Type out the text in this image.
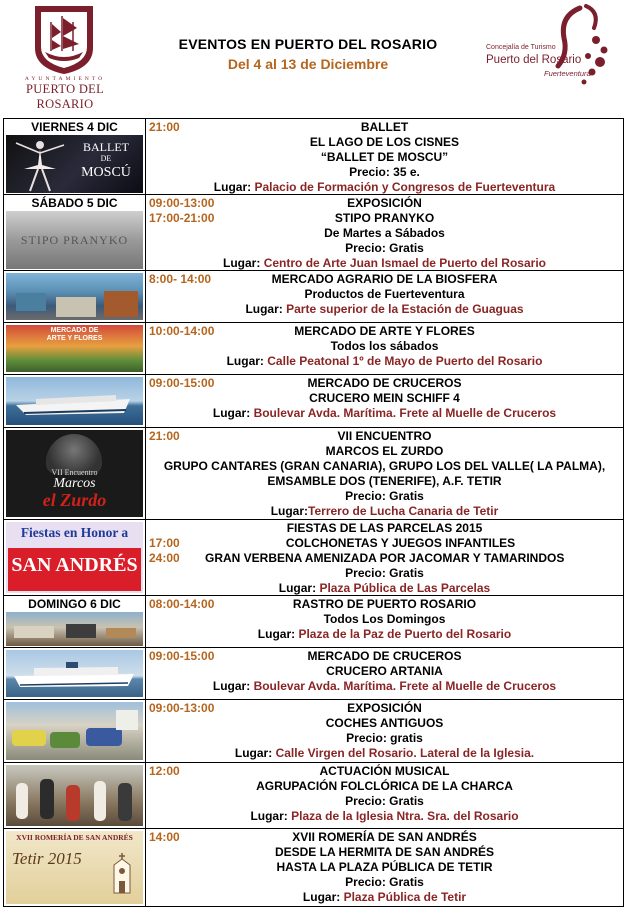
AYUNTAMIENTO
PUERTO DEL ROSARIO
EVENTOS EN PUERTO DEL ROSARIO
Del 4 al 13 de Diciembre
Concejalía de Turismo
Puerto del Rosario
Fuerteventura
VIERNES 4 DIC
BALLET
DE
MOSCÚ
21:00	BALLET
EL LAGO DE LOS CISNES
“BALLET DE MOSCU”
Precio: 35 e.
Lugar: Palacio de Formación y Congresos de Fuerteventura
SÁBADO 5 DIC
STIPO PRANYKO
09:00-13:00
17:00-21:00
EXPOSICIÓN
STIPO PRANYKO
De Martes a Sábados
Precio: Gratis
Lugar: Centro de Arte Juan Ismael de Puerto del Rosario
8:00- 14:00	MERCADO AGRARIO DE LA BIOSFERA
Productos de Fuerteventura
Lugar: Parte superior de la Estación de Guaguas
MERCADO DE
ARTE Y FLORES
10:00-14:00	MERCADO DE ARTE Y FLORES
Todos los sábados
Lugar: Calle Peatonal 1º de Mayo de Puerto del Rosario
09:00-15:00	MERCADO DE CRUCEROS
CRUCERO MEIN SCHIFF 4
Lugar: Boulevar Avda. Marítima. Frete al Muelle de Cruceros
VII Encuentro
Marcos
el Zurdo
21:00	VII ENCUENTRO
MARCOS EL ZURDO
GRUPO CANTARES (GRAN CANARIA), GRUPO LOS DEL VALLE( LA PALMA), EMSAMBLE DOS (TENERIFE), A.F. TETIR
Precio: Gratis
Lugar:Terrero de Lucha Canaria de Tetir
Fiestas en Honor a
SAN ANDRÉS
FIESTAS DE LAS PARCELAS 2015
17:00	COLCHONETAS Y JUEGOS INFANTILES
24:00	GRAN VERBENA AMENIZADA POR JACOMAR Y TAMARINDOS
Precio: Gratis
Lugar: Plaza Pública de Las Parcelas
DOMINGO 6 DIC	08:00-14:00	RASTRO DE PUERTO ROSARIO
Todos Los Domingos
Lugar: Plaza de la Paz de Puerto del Rosario
09:00-15:00	MERCADO DE CRUCEROS
CRUCERO ARTANIA
Lugar: Boulevar Avda. Marítima. Frete al Muelle de Cruceros
09:00-13:00	EXPOSICIÓN
COCHES ANTIGUOS
Precio: gratis
Lugar: Calle Virgen del Rosario. Lateral de la Iglesia.
12:00	ACTUACIÓN MUSICAL
AGRUPACIÓN FOLCLÓRICA DE LA CHARCA
Precio: Gratis
Lugar: Plaza de la Iglesia Ntra. Sra. del Rosario
XVII ROMERÍA DE SAN ANDRÉS
Tetir 2015
14:00	XVII ROMERÍA DE SAN ANDRÉS
DESDE LA HERMITA DE SAN ANDRÉS
HASTA LA PLAZA PÚBLICA DE TETIR
Precio: Gratis
Lugar: Plaza Pública de Tetir
